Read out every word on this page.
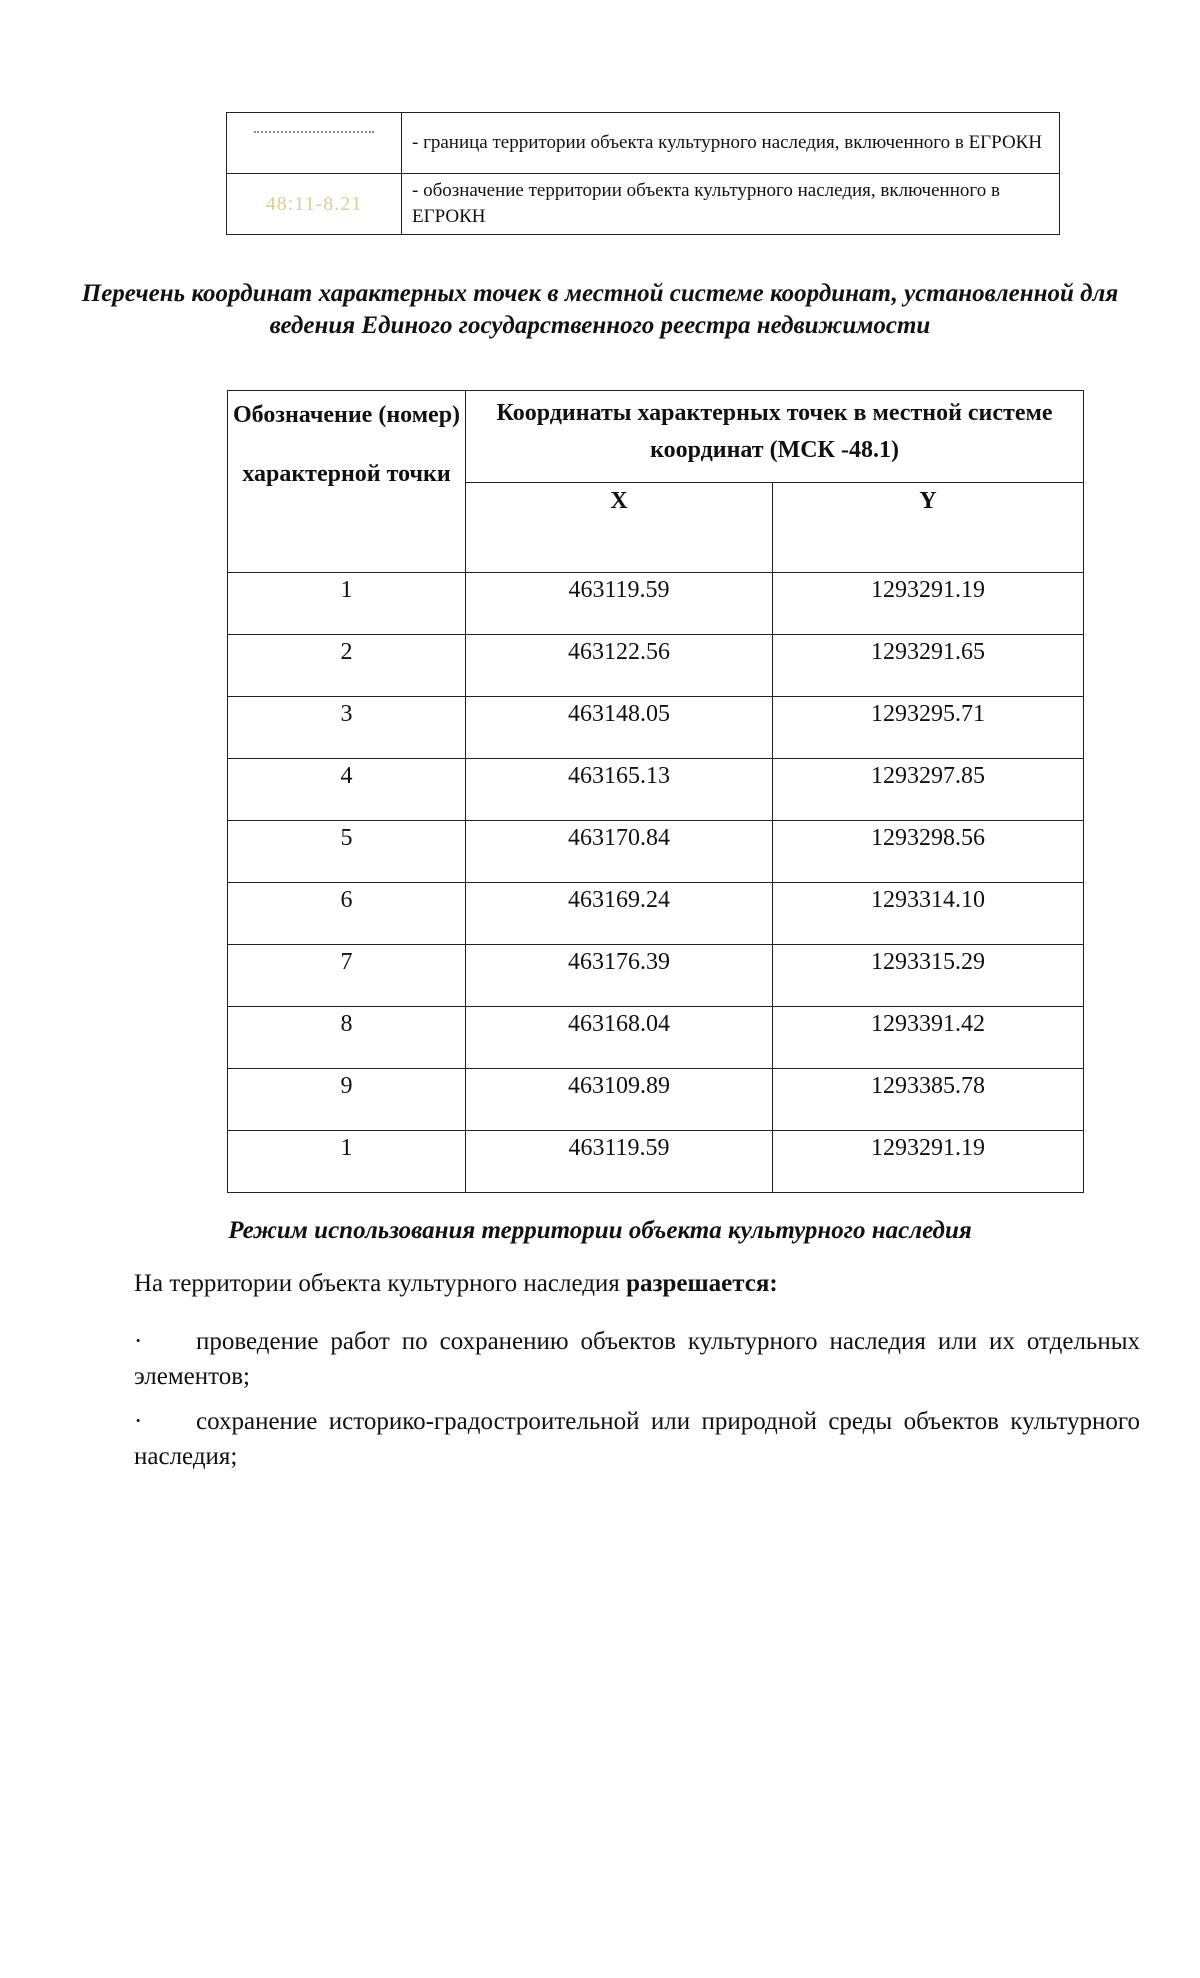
	- граница территории объекта культурного наследия, включенного в ЕГРОКН
48:11-8.21	- обозначение территории объекта культурного наследия, включенного в ЕГРОКН
Перечень координат характерных точек в местной системе координат, установленной для ведения Единого государственного реестра недвижимости
Обозначение (номер)
характерной точки	Координаты характерных точек в местной системе координат (МСК -48.1)	
	X	Y
1	463119.59	1293291.19
2	463122.56	1293291.65
3	463148.05	1293295.71
4	463165.13	1293297.85
5	463170.84	1293298.56
6	463169.24	1293314.10
7	463176.39	1293315.29
8	463168.04	1293391.42
9	463109.89	1293385.78
1	463119.59	1293291.19
Режим использования территории объекта культурного наследия

На территории объекта культурного наследия разрешается:

· проведение работ по сохранению объектов культурного наследия или их отдельных элементов;

· сохранение историко-градостроительной или природной среды объектов культурного наследия;
